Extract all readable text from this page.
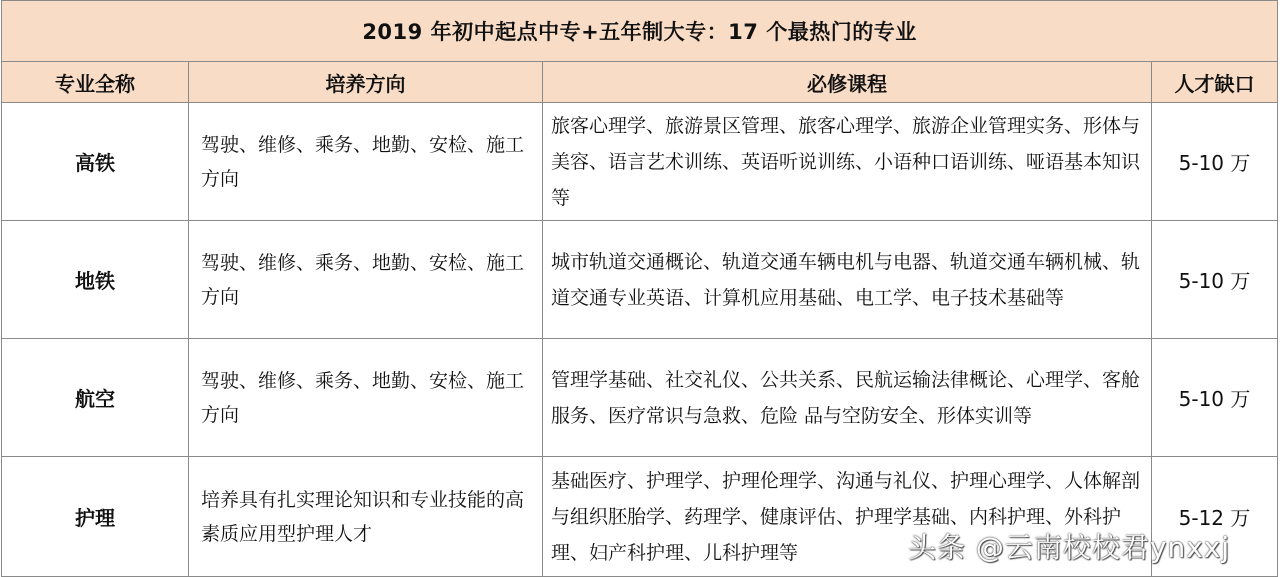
2019 年初中起点中专+五年制大专：17 个最热门的专业			
专业全称	培养方向	必修课程	人才缺口
高铁	驾驶、维修、乘务、地勤、安检、施工方向	旅客心理学、旅游景区管理、旅客心理学、旅游企业管理实务、形体与美容、语言艺术训练、英语听说训练、小语种口语训练、哑语基本知识等	5-10 万
地铁	驾驶、维修、乘务、地勤、安检、施工方向	城市轨道交通概论、轨道交通车辆电机与电器、轨道交通车辆机械、轨道交通专业英语、计算机应用基础、电工学、电子技术基础等	5-10 万
航空	驾驶、维修、乘务、地勤、安检、施工方向	管理学基础、社交礼仪、公共关系、民航运输法律概论、心理学、客舱服务、医疗常识与急救、危险 品与空防安全、形体实训等	5-10 万
护理	培养具有扎实理论知识和专业技能的高素质应用型护理人才	基础医疗、护理学、护理伦理学、沟通与礼仪、护理心理学、人体解剖与组织胚胎学、药理学、健康评估、护理学基础、内科护理、外科护理、妇产科护理、儿科护理等	5-12 万
头条 @云南校校君ynxxj
